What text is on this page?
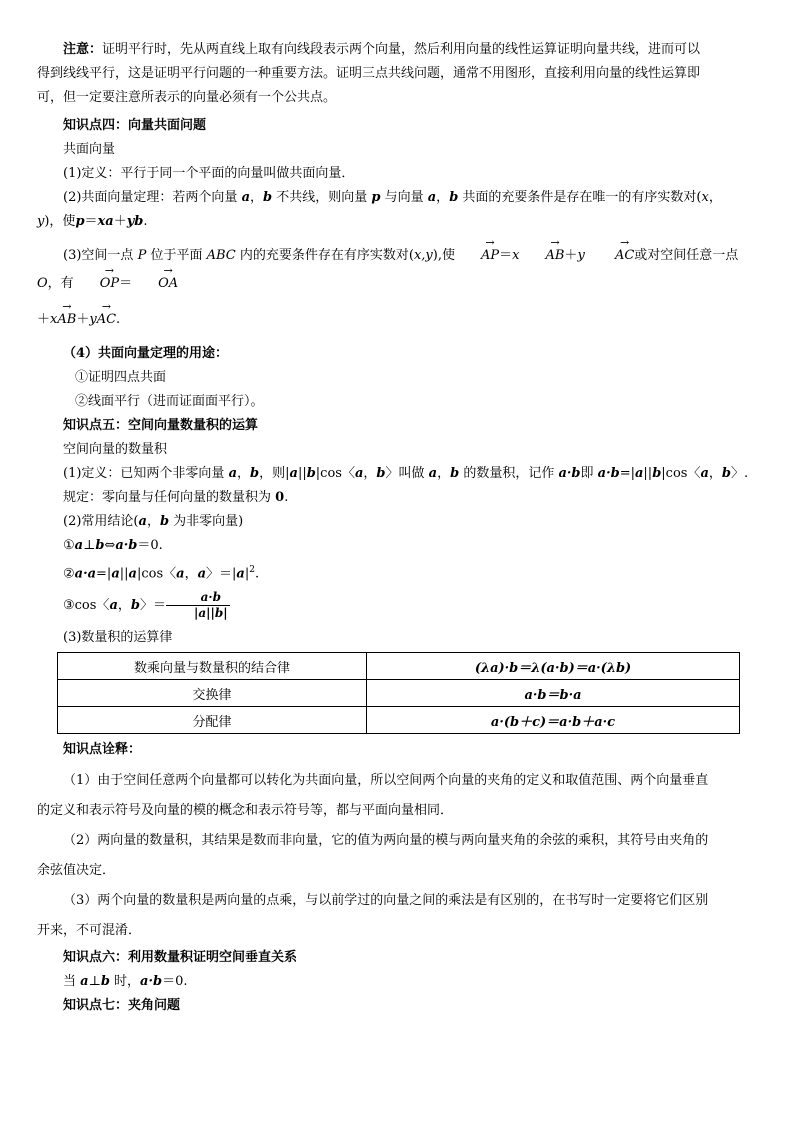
注意：证明平行时，先从两直线上取有向线段表示两个向量，然后利用向量的线性运算证明向量共线，进而可以

得到线线平行，这是证明平行问题的一种重要方法。证明三点共线问题，通常不用图形，直接利用向量的线性运算即

可，但一定要注意所表示的向量必须有一个公共点。

知识点四：向量共面问题

共面向量

(1)定义：平行于同一个平面的向量叫做共面向量．

(2)共面向量定理：若两个向量 a，b 不共线，则向量 p 与向量 a，b 共面的充要条件是存在唯一的有序实数对(x，

y)，使p＝xa＋yb.

(3)空间一点 P 位于平面 ABC 内的充要条件存在有序实数对(x,y),使 → AP＝x → AB＋y → AC或对空间任意一点 O，有 → OP＝ → OA

＋x→ AB＋y→ AC.

（4）共面向量定理的用途：

①证明四点共面

②线面平行（进而证面面平行）。

知识点五：空间向量数量积的运算

空间向量的数量积

(1)定义：已知两个非零向量 a，b，则|a||b|cos〈a，b〉叫做 a，b 的数量积，记作 a·b即 a·b=|a||b|cos〈a，b〉.

规定：零向量与任何向量的数量积为 0.

(2)常用结论(a，b 为非零向量)

①a⊥b⇔a·b＝0.

②a·a=|a||a|cos〈a，a〉$=|a|^2$.

③cos〈a，b〉＝ $\frac{a\cdot b}{|a||b|}$

(3)数量积的运算律

数乘向量与数量积的结合律	(λa)·b＝λ(a·b)＝a·(λb)
交换律	a·b＝b·a
分配律	a·(b＋c)＝a·b＋a·c

知识点诠释：

（1）由于空间任意两个向量都可以转化为共面向量，所以空间两个向量的夹角的定义和取值范围、两个向量垂直

的定义和表示符号及向量的模的概念和表示符号等，都与平面向量相同．

（2）两向量的数量积，其结果是数而非向量，它的值为两向量的模与两向量夹角的余弦的乘积，其符号由夹角的

余弦值决定．

（3）两个向量的数量积是两向量的点乘，与以前学过的向量之间的乘法是有区别的，在书写时一定要将它们区别

开来，不可混淆．

知识点六：利用数量积证明空间垂直关系

当 a⊥b 时，a·b＝0.

知识点七：夹角问题
